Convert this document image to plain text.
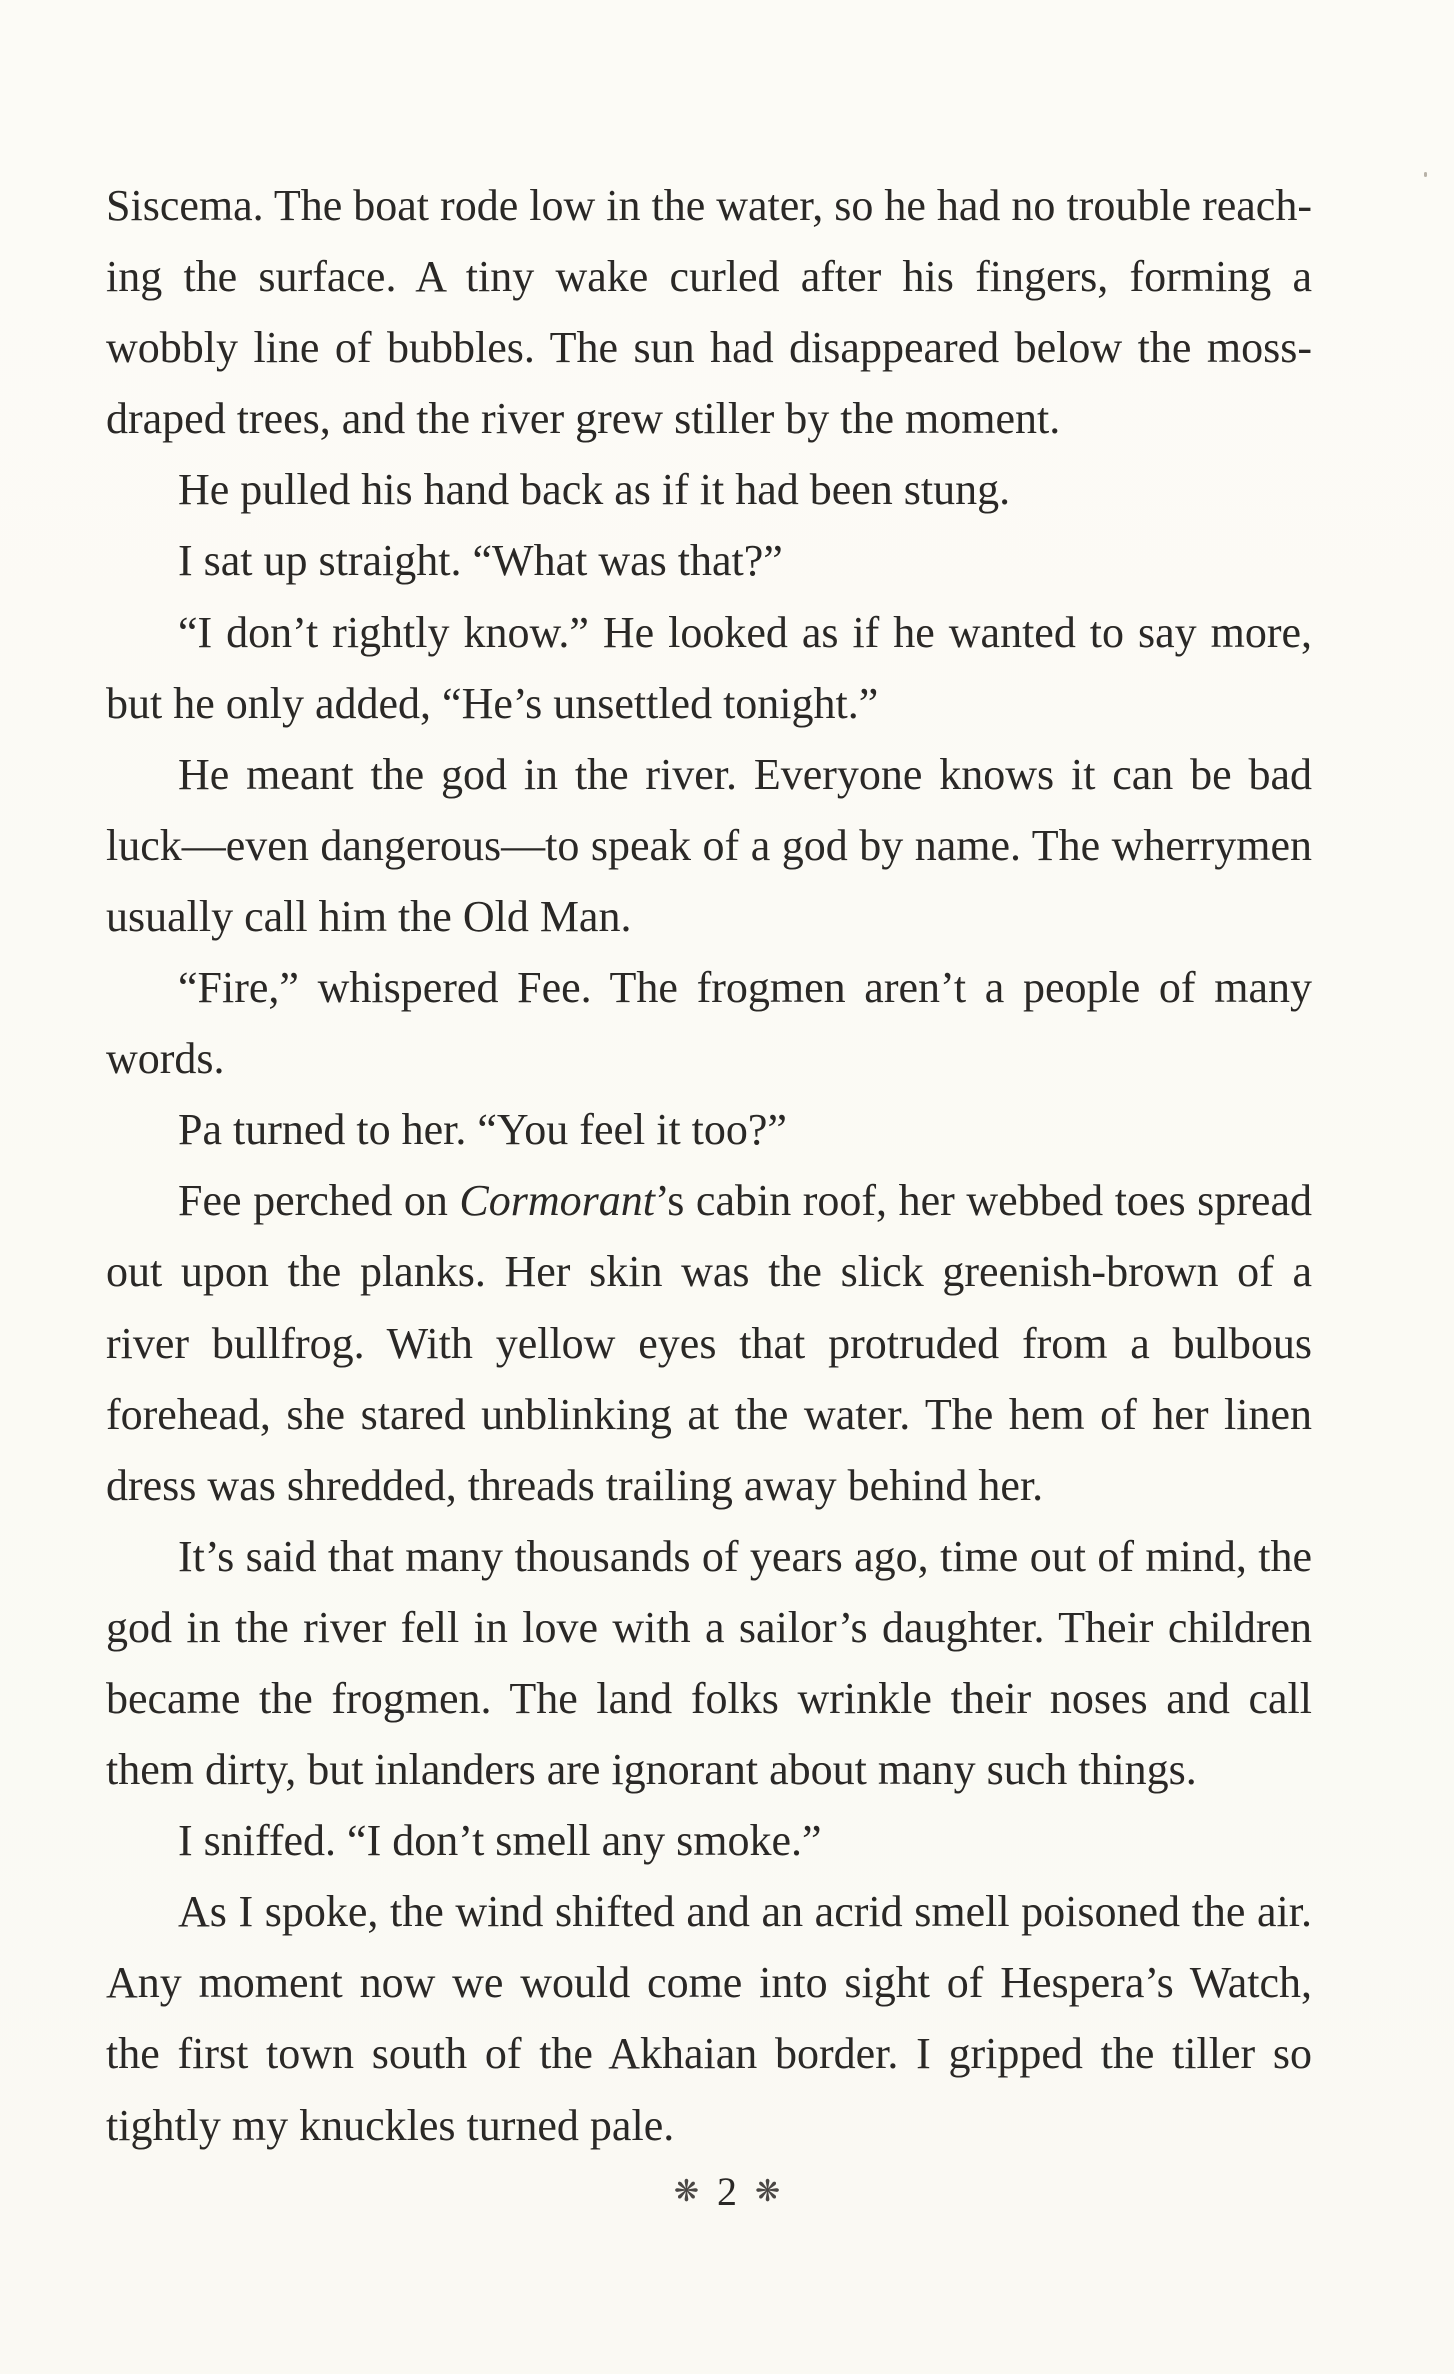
Siscema. The boat rode low in the water, so he had no trouble reaching the surface. A tiny wake curled after his fingers, forming a wobbly line of bubbles. The sun had disappeared below the moss-draped trees, and the river grew stiller by the moment.

He pulled his hand back as if it had been stung.

I sat up straight. “What was that?”

“I don’t rightly know.” He looked as if he wanted to say more, but he only added, “He’s unsettled tonight.”

He meant the god in the river. Everyone knows it can be bad luck—even dangerous—to speak of a god by name. The wherrymen usually call him the Old Man.

“Fire,” whispered Fee. The frogmen aren’t a people of many words.

Pa turned to her. “You feel it too?”

Fee perched on Cormorant’s cabin roof, her webbed toes spread out upon the planks. Her skin was the slick greenish-brown of a river bullfrog. With yellow eyes that protruded from a bulbous forehead, she stared unblinking at the water. The hem of her linen dress was shredded, threads trailing away behind her.

It’s said that many thousands of years ago, time out of mind, the god in the river fell in love with a sailor’s daughter. Their children became the frogmen. The land folks wrinkle their noses and call them dirty, but inlanders are ignorant about many such things.

I sniffed. “I don’t smell any smoke.”

As I spoke, the wind shifted and an acrid smell poisoned the air. Any moment now we would come into sight of Hespera’s Watch, the first town south of the Akhaian border. I gripped the tiller so tightly my knuckles turned pale.

❋ 2 ❋
